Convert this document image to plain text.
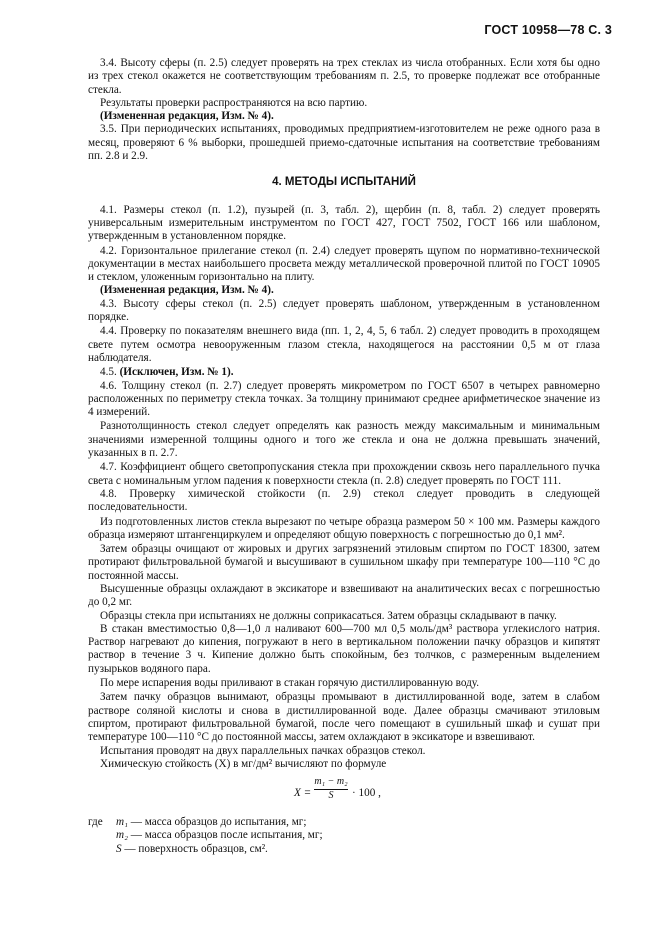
ГОСТ 10958—78 С. 3

3.4. Высоту сферы (п. 2.5) следует проверять на трех стеклах из числа отобранных. Если хотя бы одно из трех стекол окажется не соответствующим требованиям п. 2.5, то проверке подлежат все отобранные стекла.

Результаты проверки распространяются на всю партию.

(Измененная редакция, Изм. № 4).

3.5. При периодических испытаниях, проводимых предприятием-изготовителем не реже одного раза в месяц, проверяют 6 % выборки, прошедшей приемо-сдаточные испытания на соответствие требованиям пп. 2.8 и 2.9.

4. МЕТОДЫ ИСПЫТАНИЙ

4.1. Размеры стекол (п. 1.2), пузырей (п. 3, табл. 2), щербин (п. 8, табл. 2) следует проверять универсальным измерительным инструментом по ГОСТ 427, ГОСТ 7502, ГОСТ 166 или шаблоном, утвержденным в установленном порядке.

4.2. Горизонтальное прилегание стекол (п. 2.4) следует проверять щупом по нормативно-технической документации в местах наибольшего просвета между металлической проверочной плитой по ГОСТ 10905 и стеклом, уложенным горизонтально на плиту.

(Измененная редакция, Изм. № 4).

4.3. Высоту сферы стекол (п. 2.5) следует проверять шаблоном, утвержденным в установленном порядке.

4.4. Проверку по показателям внешнего вида (пп. 1, 2, 4, 5, 6 табл. 2) следует проводить в проходящем свете путем осмотра невооруженным глазом стекла, находящегося на расстоянии 0,5 м от глаза наблюдателя.

4.5. (Исключен, Изм. № 1).

4.6. Толщину стекол (п. 2.7) следует проверять микрометром по ГОСТ 6507 в четырех равномерно расположенных по периметру стекла точках. За толщину принимают среднее арифметическое значение из 4 измерений.

Разнотолщинность стекол следует определять как разность между максимальным и минимальным значениями измеренной толщины одного и того же стекла и она не должна превышать значений, указанных в п. 2.7.

4.7. Коэффициент общего светопропускания стекла при прохождении сквозь него параллельного пучка света с номинальным углом падения к поверхности стекла (п. 2.8) следует проверять по ГОСТ 111.

4.8. Проверку химической стойкости (п. 2.9) стекол следует проводить в следующей последовательности.

Из подготовленных листов стекла вырезают по четыре образца размером 50 × 100 мм. Размеры каждого образца измеряют штангенциркулем и определяют общую поверхность с погрешностью до 0,1 мм².

Затем образцы очищают от жировых и других загрязнений этиловым спиртом по ГОСТ 18300, затем протирают фильтровальной бумагой и высушивают в сушильном шкафу при температуре 100—110 °С до постоянной массы.

Высушенные образцы охлаждают в эксикаторе и взвешивают на аналитических весах с погрешностью до 0,2 мг.

Образцы стекла при испытаниях не должны соприкасаться. Затем образцы складывают в пачку.

В стакан вместимостью 0,8—1,0 л наливают 600—700 мл 0,5 моль/дм³ раствора углекислого натрия. Раствор нагревают до кипения, погружают в него в вертикальном положении пачку образцов и кипятят раствор в течение 3 ч. Кипение должно быть спокойным, без толчков, с размеренным выделением пузырьков водяного пара.

По мере испарения воды приливают в стакан горячую дистиллированную воду.

Затем пачку образцов вынимают, образцы промывают в дистиллированной воде, затем в слабом растворе соляной кислоты и снова в дистиллированной воде. Далее образцы смачивают этиловым спиртом, протирают фильтровальной бумагой, после чего помещают в сушильный шкаф и сушат при температуре 100—110 °С до постоянной массы, затем охлаждают в эксикаторе и взвешивают.

Испытания проводят на двух параллельных пачках образцов стекол.

Химическую стойкость (X) в мг/дм² вычисляют по формуле

$X = \frac{\text{m₁ − m₂}}{S} \cdot 100$ ,
где	m₁
— масса образцов до испытания, мг;
m₂
— масса образцов после испытания, мг;
S
— поверхность образцов, см².
